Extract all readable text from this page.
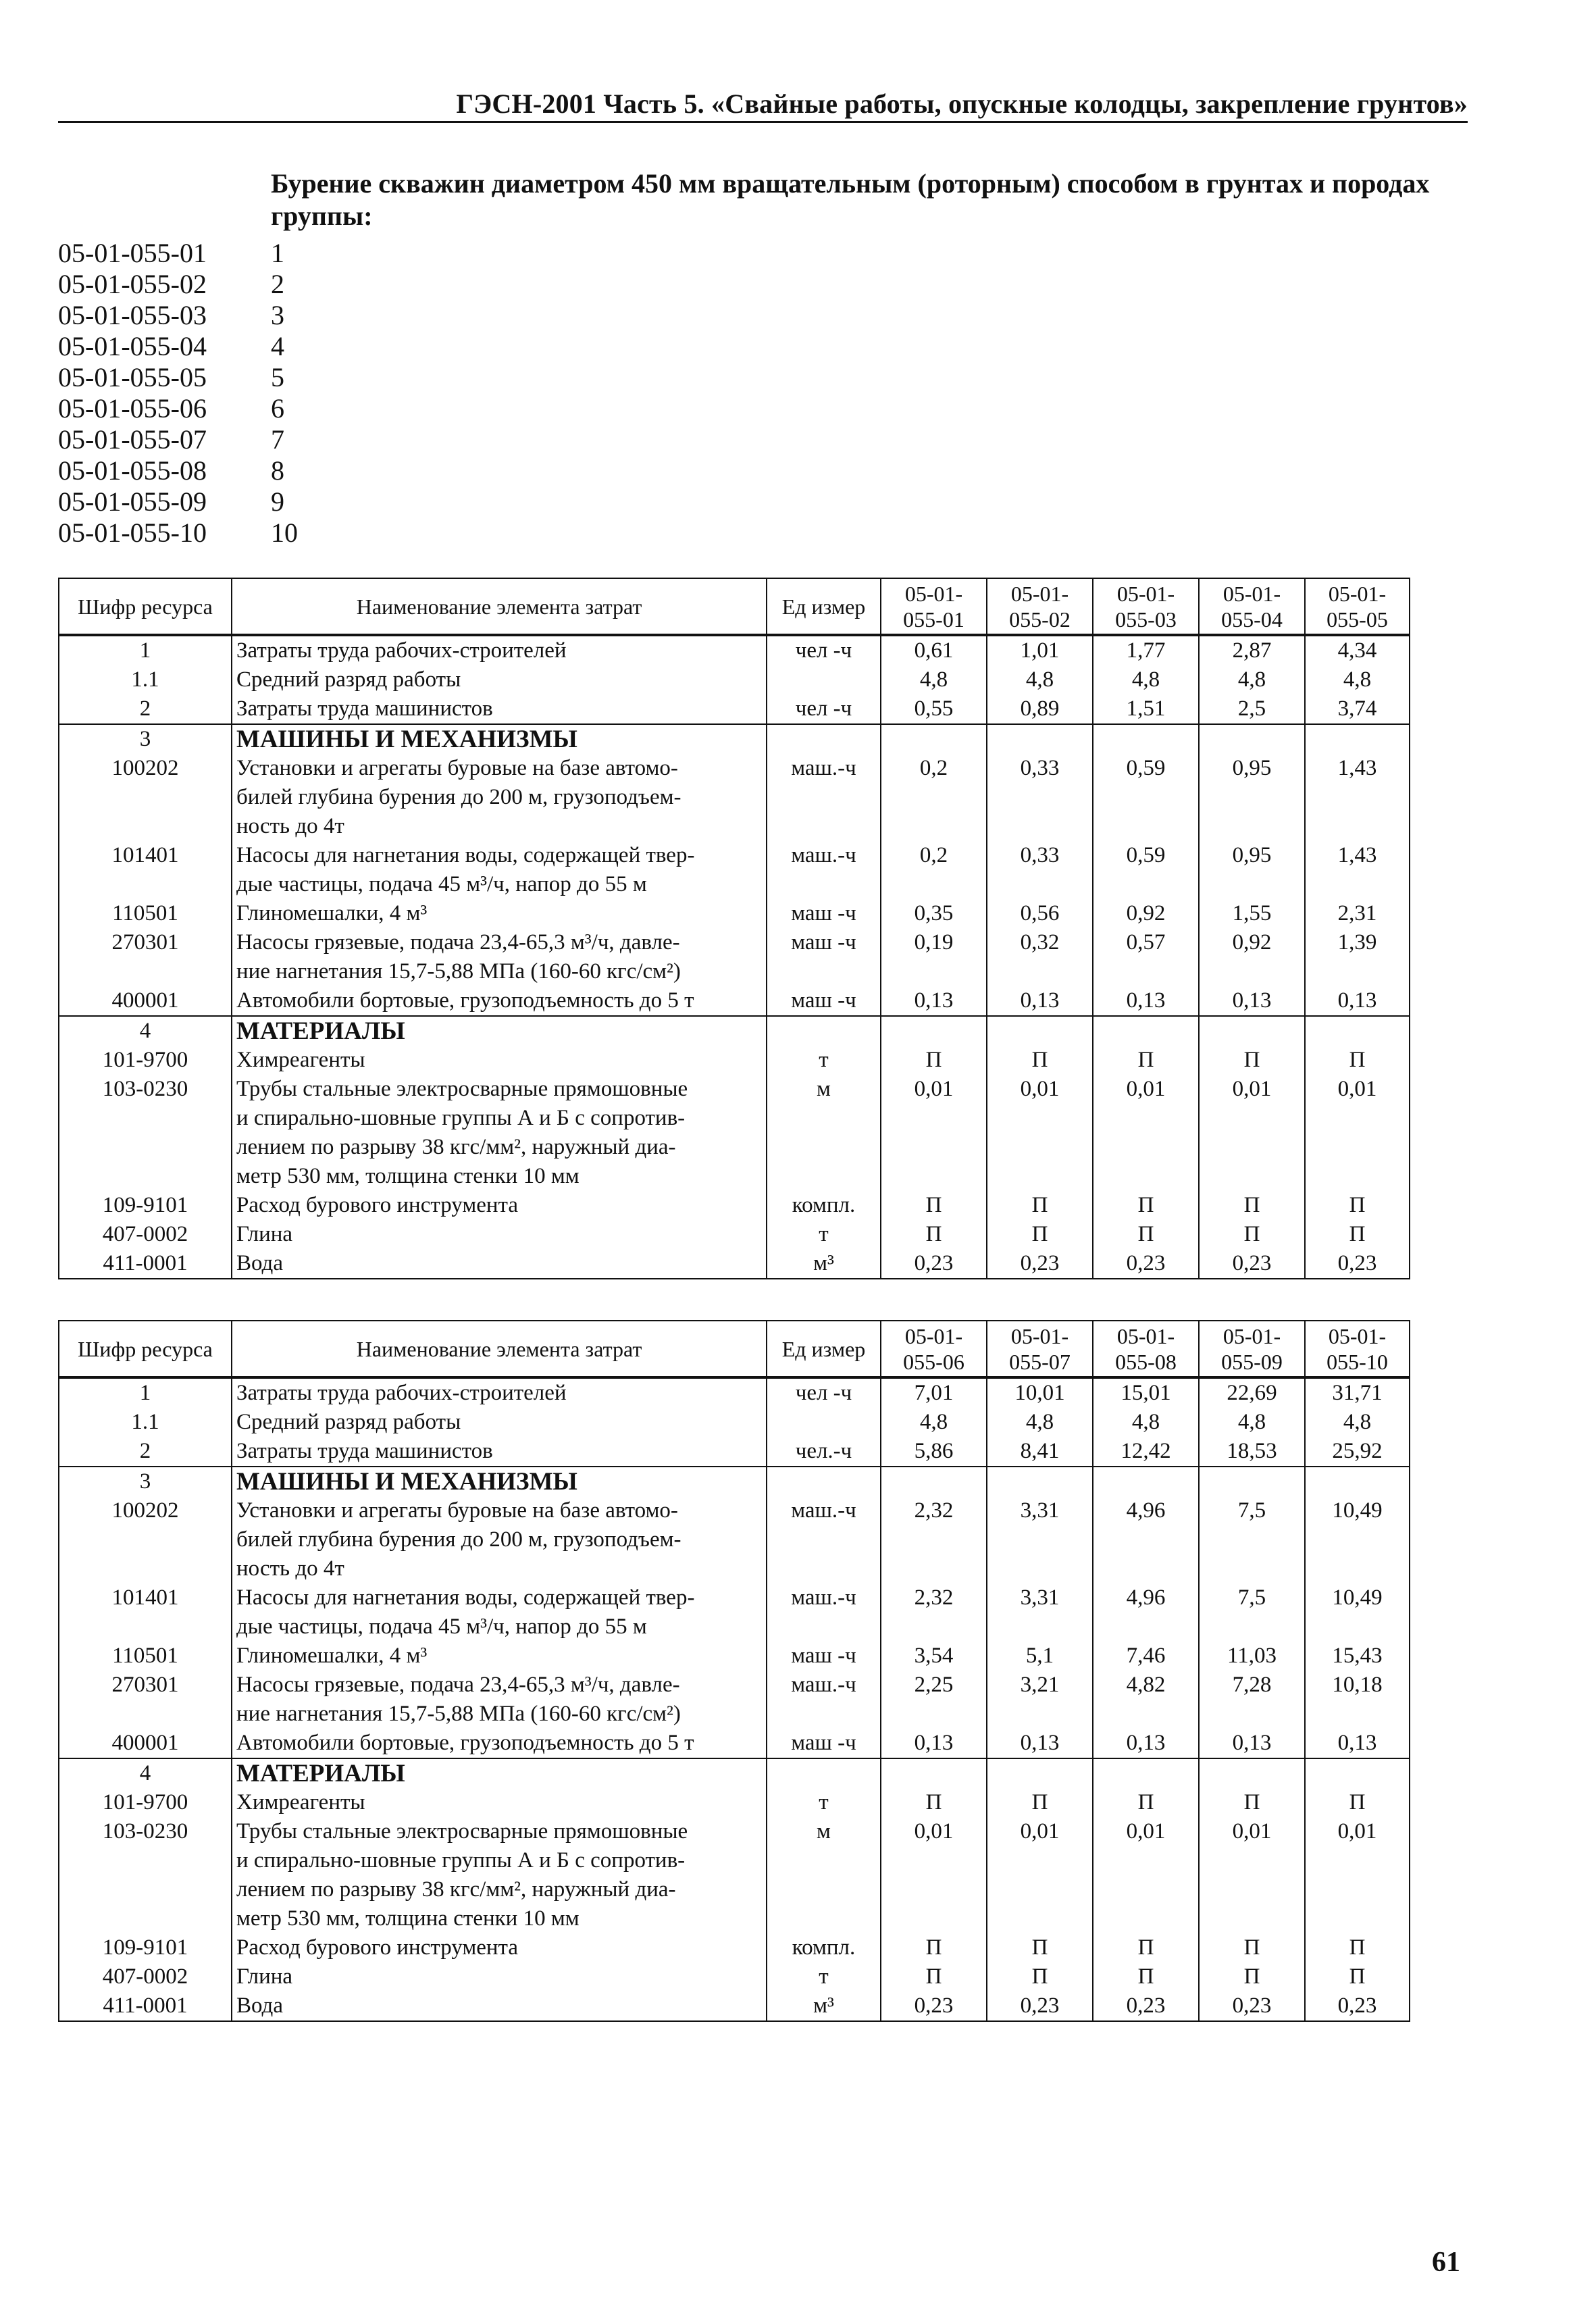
ГЭСН-2001 Часть 5. «Свайные работы, опускные колодцы, закрепление грунтов»
Бурение скважин диаметром 450 мм вращательным (роторным) способом в грунтах и породах группы:
05-01-055-01	1
05-01-055-02	2
05-01-055-03	3
05-01-055-04	4
05-01-055-05	5
05-01-055-06	6
05-01-055-07	7
05-01-055-08	8
05-01-055-09	9
05-01-055-10	10
Шифр ресурса	Наименование элемента затрат	Ед измер	05-01-055-01	05-01-055-02	05-01-055-03	05-01-055-04	05-01-055-05
1	Затраты труда рабочих-строителей	чел -ч	0,61	1,01	1,77	2,87	4,34
1.1	Средний разряд работы		4,8	4,8	4,8	4,8	4,8
2	Затраты труда машинистов	чел -ч	0,55	0,89	1,51	2,5	3,74
3	МАШИНЫ И МЕХАНИЗМЫ						

100202	Установки и агрегаты буровые на базе автомо-
билей глубина бурения до 200 м, грузоподъем-
ность до 4т	маш.-ч	0,2	0,33	0,59	0,95	1,43
101401	Насосы для нагнетания воды, содержащей твер-
дые частицы, подача 45 м³/ч, напор до 55 м	маш.-ч	0,2	0,33	0,59	0,95	1,43
110501	Глиномешалки, 4 м³	маш -ч	0,35	0,56	0,92	1,55	2,31
270301	Насосы грязевые, подача 23,4-65,3 м³/ч, давле-
ние нагнетания 15,7-5,88 МПа (160-60 кгс/см²)	маш -ч	0,19	0,32	0,57	0,92	1,39
400001	Автомобили бортовые, грузоподъемность до 5 т	маш -ч	0,13	0,13	0,13	0,13	0,13
4	МАТЕРИАЛЫ						

101-9700	Химреагенты	т	П	П	П	П	П
103-0230	Трубы стальные электросварные прямошовные
и спирально-шовные группы А и Б с сопротив-
лением по разрыву 38 кгс/мм², наружный диа-
метр 530 мм, толщина стенки 10 мм	м	0,01	0,01	0,01	0,01	0,01
109-9101	Расход бурового инструмента	компл.	П	П	П	П	П
407-0002	Глина	т	П	П	П	П	П
411-0001	Вода	м³	0,23	0,23	0,23	0,23	0,23
Шифр ресурса	Наименование элемента затрат	Ед измер	05-01-055-06	05-01-055-07	05-01-055-08	05-01-055-09	05-01-055-10
1	Затраты труда рабочих-строителей	чел -ч	7,01	10,01	15,01	22,69	31,71
1.1	Средний разряд работы		4,8	4,8	4,8	4,8	4,8
2	Затраты труда машинистов	чел.-ч	5,86	8,41	12,42	18,53	25,92
3	МАШИНЫ И МЕХАНИЗМЫ						

100202	Установки и агрегаты буровые на базе автомо-
билей глубина бурения до 200 м, грузоподъем-
ность до 4т	маш.-ч	2,32	3,31	4,96	7,5	10,49
101401	Насосы для нагнетания воды, содержащей твер-
дые частицы, подача 45 м³/ч, напор до 55 м	маш.-ч	2,32	3,31	4,96	7,5	10,49
110501	Глиномешалки, 4 м³	маш -ч	3,54	5,1	7,46	11,03	15,43
270301	Насосы грязевые, подача 23,4-65,3 м³/ч, давле-
ние нагнетания 15,7-5,88 МПа (160-60 кгс/см²)	маш.-ч	2,25	3,21	4,82	7,28	10,18
400001	Автомобили бортовые, грузоподъемность до 5 т	маш -ч	0,13	0,13	0,13	0,13	0,13
4	МАТЕРИАЛЫ						

101-9700	Химреагенты	т	П	П	П	П	П
103-0230	Трубы стальные электросварные прямошовные
и спирально-шовные группы А и Б с сопротив-
лением по разрыву 38 кгс/мм², наружный диа-
метр 530 мм, толщина стенки 10 мм	м	0,01	0,01	0,01	0,01	0,01
109-9101	Расход бурового инструмента	компл.	П	П	П	П	П
407-0002	Глина	т	П	П	П	П	П
411-0001	Вода	м³	0,23	0,23	0,23	0,23	0,23
61
